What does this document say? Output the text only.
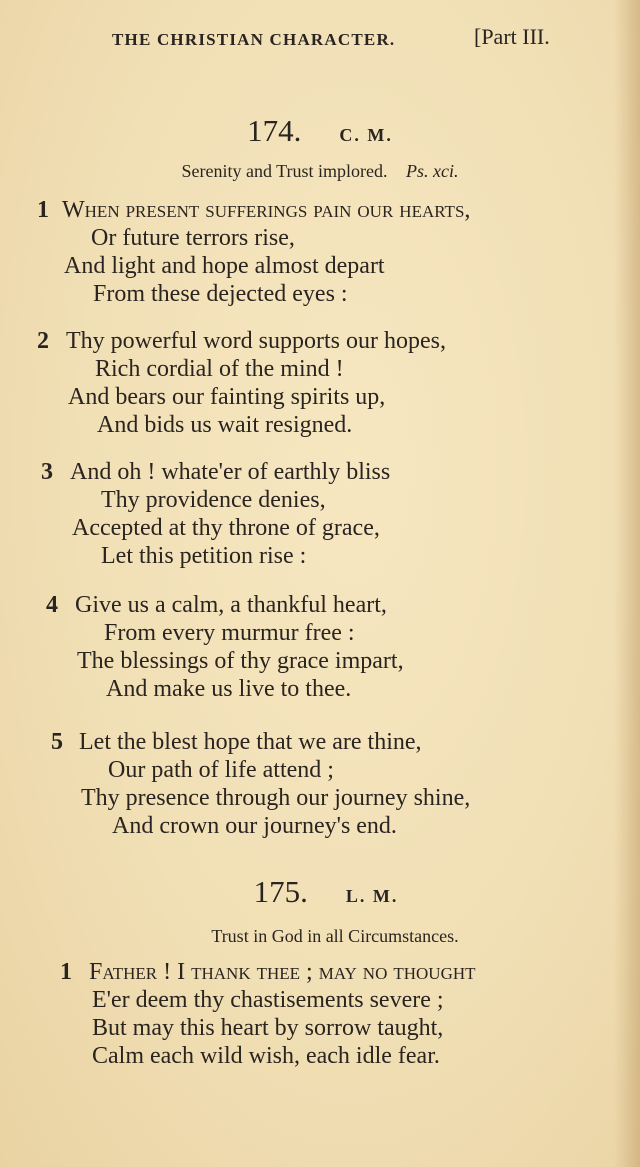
THE CHRISTIAN CHARACTER.	[Part III.
174. C. M.
Serenity and Trust implored. Ps. xci.
1 When present sufferings pain our hearts,
Or future terrors rise,
And light and hope almost depart
From these dejected eyes :
2 Thy powerful word supports our hopes,
Rich cordial of the mind !
And bears our fainting spirits up,
And bids us wait resigned.
3 And oh ! whate'er of earthly bliss
Thy providence denies,
Accepted at thy throne of grace,
Let this petition rise :
4 Give us a calm, a thankful heart,
From every murmur free :
The blessings of thy grace impart,
And make us live to thee.
5 Let the blest hope that we are thine,
Our path of life attend ;
Thy presence through our journey shine,
And crown our journey's end.
175. L. M.
Trust in God in all Circumstances.
1 Father ! I thank thee ; may no thought
E'er deem thy chastisements severe ;
But may this heart by sorrow taught,
Calm each wild wish, each idle fear.
